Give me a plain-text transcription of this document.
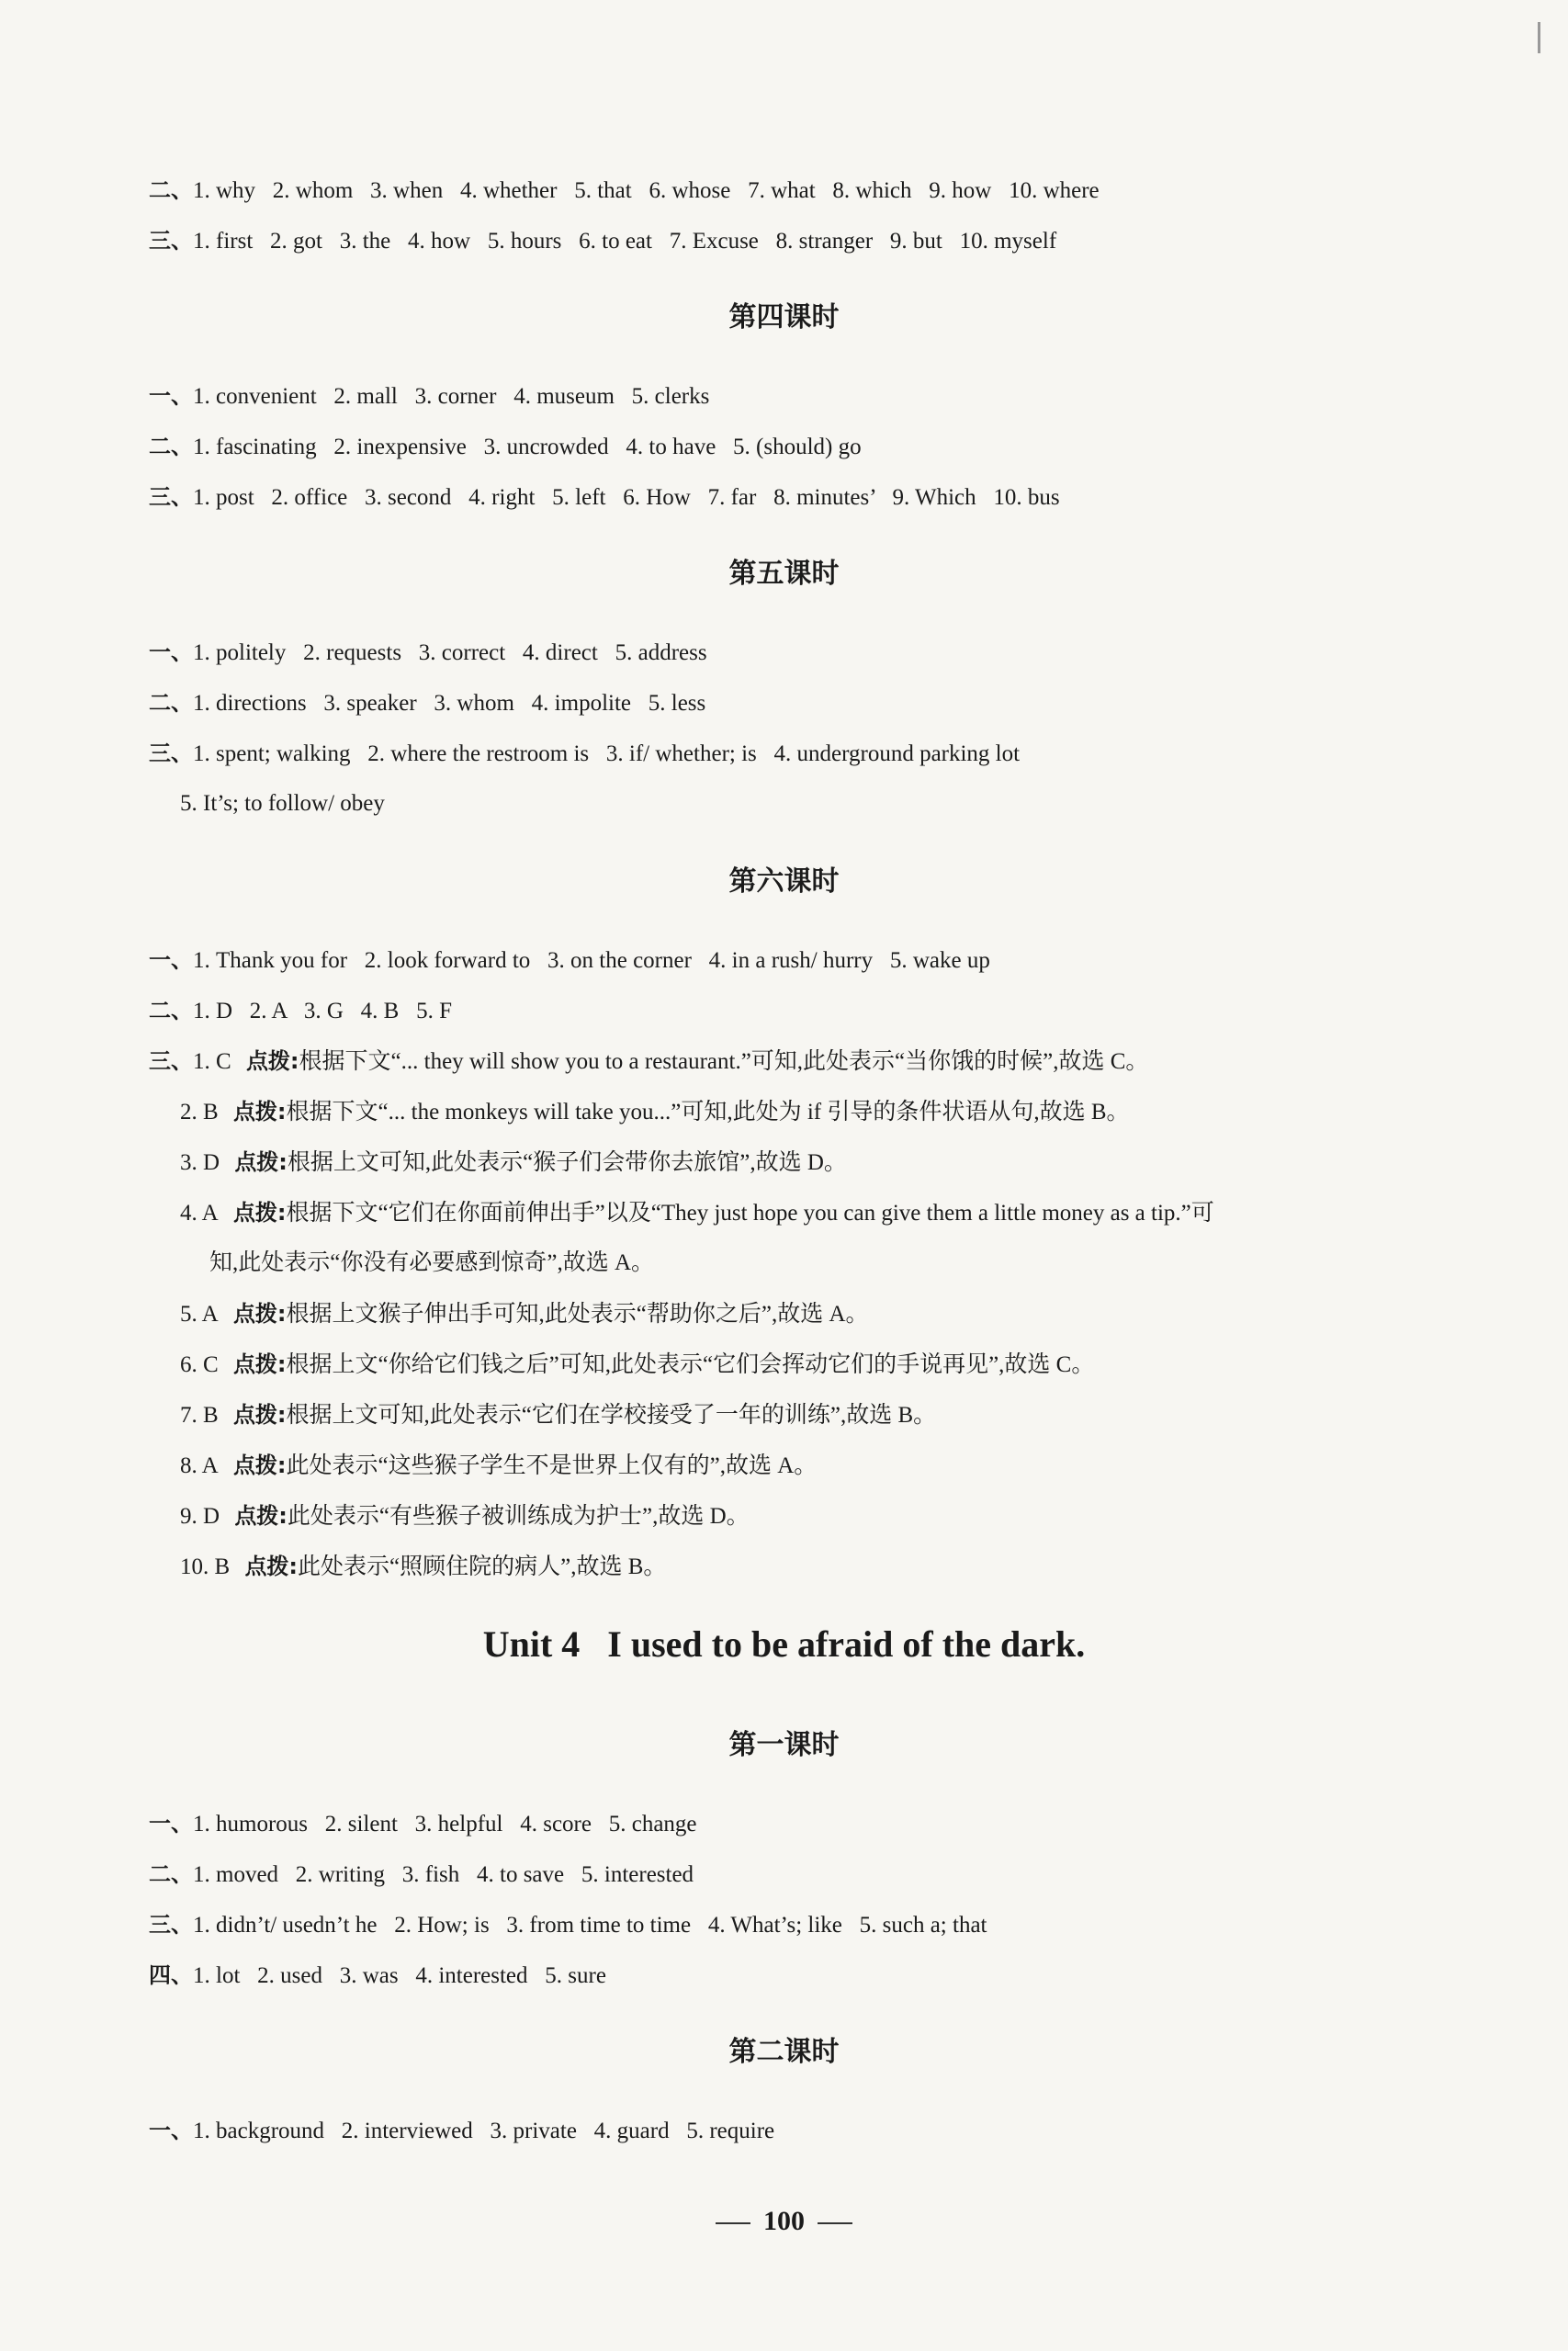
二、1. why   2. whom   3. when   4. whether   5. that   6. whose   7. what   8. which   9. how   10. where
三、1. first   2. got   3. the   4. how   5. hours   6. to eat   7. Excuse   8. stranger   9. but   10. myself
第四课时
一、1. convenient   2. mall   3. corner   4. museum   5. clerks
二、1. fascinating   2. inexpensive   3. uncrowded   4. to have   5. (should) go
三、1. post   2. office   3. second   4. right   5. left   6. How   7. far   8. minutes’   9. Which   10. bus
第五课时
一、1. politely   2. requests   3. correct   4. direct   5. address
二、1. directions   3. speaker   3. whom   4. impolite   5. less
三、1. spent; walking   2. where the restroom is   3. if/ whether; is   4. underground parking lot
5. It’s; to follow/ obey
第六课时
一、1. Thank you for   2. look forward to   3. on the corner   4. in a rush/ hurry   5. wake up
二、1. D   2. A   3. G   4. B   5. F
三、1. C 点拨:根据下文“... they will show you to a restaurant.”可知,此处表示“当你饿的时候”,故选 C。
2. B 点拨:根据下文“... the monkeys will take you...”可知,此处为 if 引导的条件状语从句,故选 B。
3. D 点拨:根据上文可知,此处表示“猴子们会带你去旅馆”,故选 D。
4. A 点拨:根据下文“它们在你面前伸出手”以及“They just hope you can give them a little money as a tip.”可
知,此处表示“你没有必要感到惊奇”,故选 A。
5. A 点拨:根据上文猴子伸出手可知,此处表示“帮助你之后”,故选 A。
6. C 点拨:根据上文“你给它们钱之后”可知,此处表示“它们会挥动它们的手说再见”,故选 C。
7. B 点拨:根据上文可知,此处表示“它们在学校接受了一年的训练”,故选 B。
8. A 点拨:此处表示“这些猴子学生不是世界上仅有的”,故选 A。
9. D 点拨:此处表示“有些猴子被训练成为护士”,故选 D。
10. B 点拨:此处表示“照顾住院的病人”,故选 B。
Unit 4   I used to be afraid of the dark.
第一课时
一、1. humorous   2. silent   3. helpful   4. score   5. change
二、1. moved   2. writing   3. fish   4. to save   5. interested
三、1. didn’t/ usedn’t he   2. How; is   3. from time to time   4. What’s; like   5. such a; that
四、1. lot   2. used   3. was   4. interested   5. sure
第二课时
一、1. background   2. interviewed   3. private   4. guard   5. require
100
